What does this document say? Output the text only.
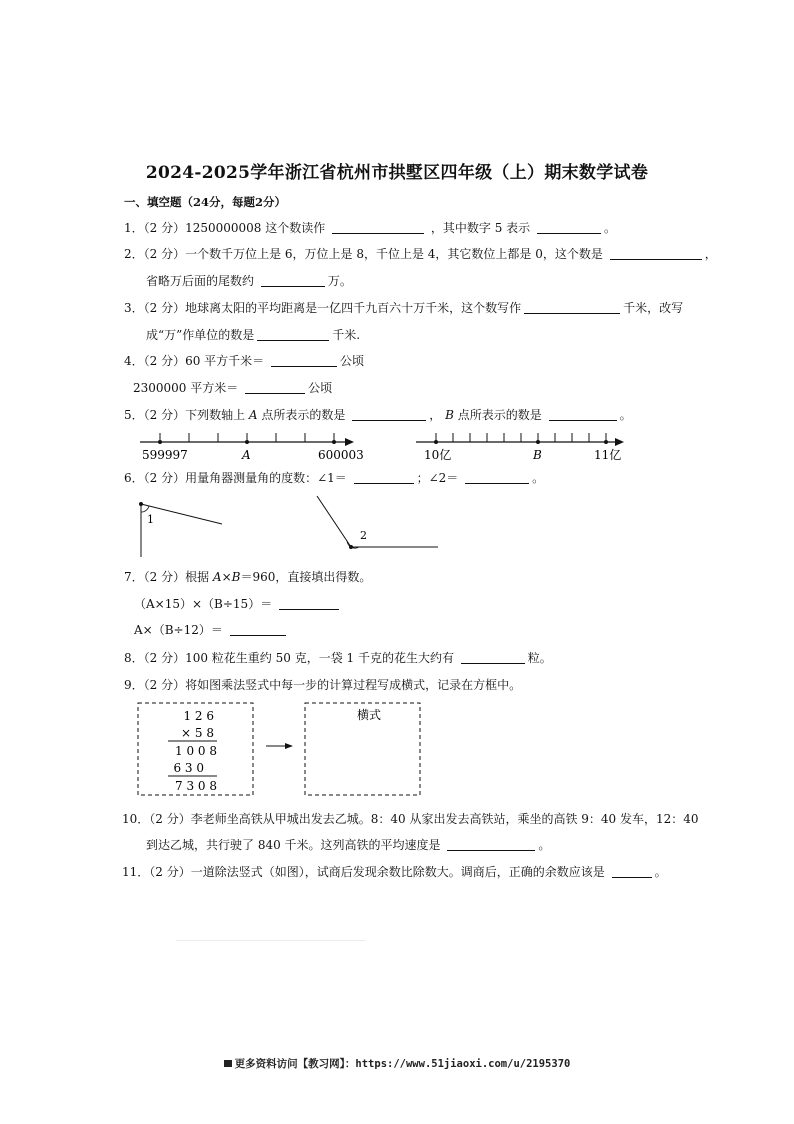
2024-2025学年浙江省杭州市拱墅区四年级（上）期末数学试卷
一、填空题（24分，每题2分）
1．（2 分）1250000008 这个数读作	，其中数字 5 表示	。
2．（2 分）一个数千万位上是 6，万位上是 8，千位上是 4，其它数位上都是 0，这个数是	，
省略万后面的尾数约	万。
3．（2 分）地球离太阳的平均距离是一亿四千九百六十万千米，这个数写作	千米，改写
成“万”作单位的数是	千米.
4．（2 分）60 平方千米＝	公顷
2300000 平方米＝	公顷
5．（2 分）下列数轴上 A 点所表示的数是	， B 点所表示的数是	。
599997	A	600003	10亿	B	11亿
1
2
1 2 6
× 5 8
1 0 0 8
6 3 0
7 3 0 8
横式
6．（2 分）用量角器测量角的度数：∠1＝	；∠2＝	。
7．（2 分）根据 A×B＝960，直接填出得数。
（A×15）×（B÷15）＝
A×（B÷12）＝
8．（2 分）100 粒花生重约 50 克，一袋 1 千克的花生大约有	粒。
9．（2 分）将如图乘法竖式中每一步的计算过程写成横式，记录在方框中。
10．（2 分）李老师坐高铁从甲城出发去乙城。8：40 从家出发去高铁站，乘坐的高铁 9：40 发车，12：40
到达乙城，共行驶了 840 千米。这列高铁的平均速度是	。
11．（2 分）一道除法竖式（如图），试商后发现余数比除数大。调商后，正确的余数应该是	。
更多资料访问【教习网】：https://www.51jiaoxi.com/u/2195370
